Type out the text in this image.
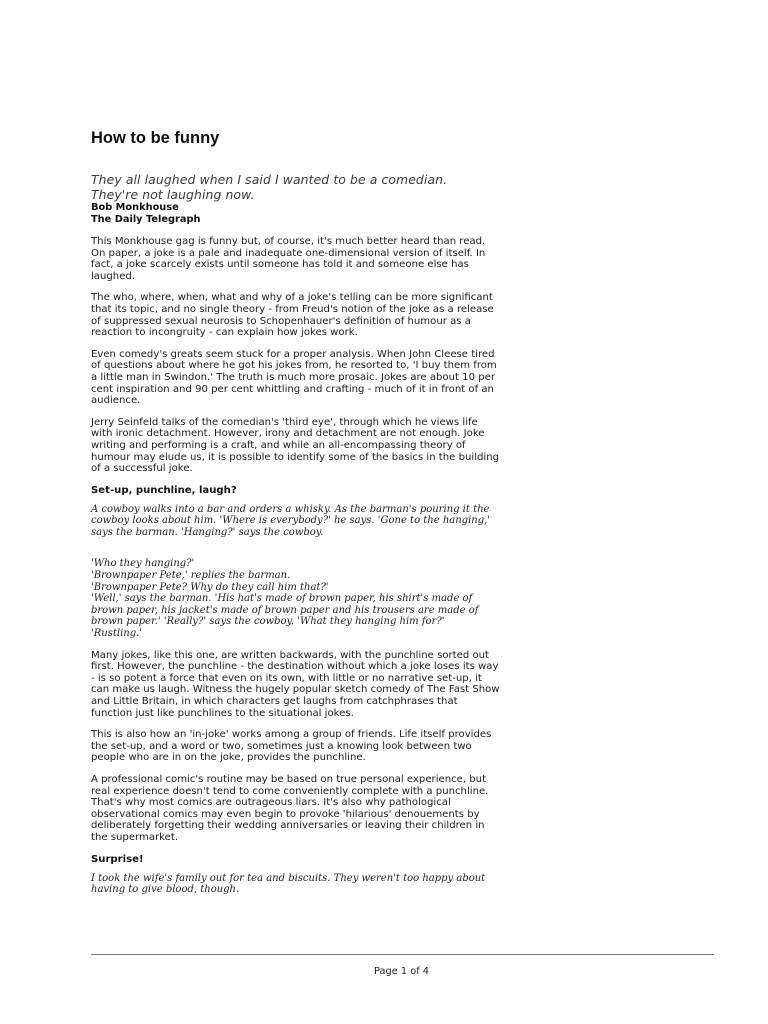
How to be funny
They all laughed when I said I wanted to be a comedian.
They're not laughing now.
Bob Monkhouse
The Daily Telegraph

This Monkhouse gag is funny but, of course, it's much better heard than read. On paper, a joke is a pale and inadequate one-dimensional version of itself. In fact, a joke scarcely exists until someone has told it and someone else has laughed.

The who, where, when, what and why of a joke's telling can be more significant that its topic, and no single theory - from Freud's notion of the joke as a release of suppressed sexual neurosis to Schopenhauer's definition of humour as a reaction to incongruity - can explain how jokes work.

Even comedy's greats seem stuck for a proper analysis. When John Cleese tired of questions about where he got his jokes from, he resorted to, 'I buy them from a little man in Swindon.' The truth is much more prosaic. Jokes are about 10 per cent inspiration and 90 per cent whittling and crafting - much of it in front of an audience.

Jerry Seinfeld talks of the comedian's 'third eye', through which he views life with ironic detachment. However, irony and detachment are not enough. Joke writing and performing is a craft, and while an all-encompassing theory of humour may elude us, it is possible to identify some of the basics in the building of a successful joke.

Set-up, punchline, laugh?

A cowboy walks into a bar and orders a whisky. As the barman's pouring it the cowboy looks about him. 'Where is everybody?' he says. 'Gone to the hanging,' says the barman. 'Hanging?' says the cowboy.

'Who they hanging?'
'Brownpaper Pete,' replies the barman.
'Brownpaper Pete? Why do they call him that?'
'Well,' says the barman. 'His hat's made of brown paper, his shirt's made of brown paper, his jacket's made of brown paper and his trousers are made of brown paper.' 'Really?' says the cowboy. 'What they hanging him for?'
'Rustling.'

Many jokes, like this one, are written backwards, with the punchline sorted out first. However, the punchline - the destination without which a joke loses its way - is so potent a force that even on its own, with little or no narrative set-up, it can make us laugh. Witness the hugely popular sketch comedy of The Fast Show and Little Britain, in which characters get laughs from catchphrases that function just like punchlines to the situational jokes.

This is also how an 'in-joke' works among a group of friends. Life itself provides the set-up, and a word or two, sometimes just a knowing look between two people who are in on the joke, provides the punchline.

A professional comic's routine may be based on true personal experience, but real experience doesn't tend to come conveniently complete with a punchline. That's why most comics are outrageous liars. It's also why pathological observational comics may even begin to provoke 'hilarious' denouements by deliberately forgetting their wedding anniversaries or leaving their children in the supermarket.

Surprise!

I took the wife's family out for tea and biscuits. They weren't too happy about having to give blood, though.

Page 1 of 4
